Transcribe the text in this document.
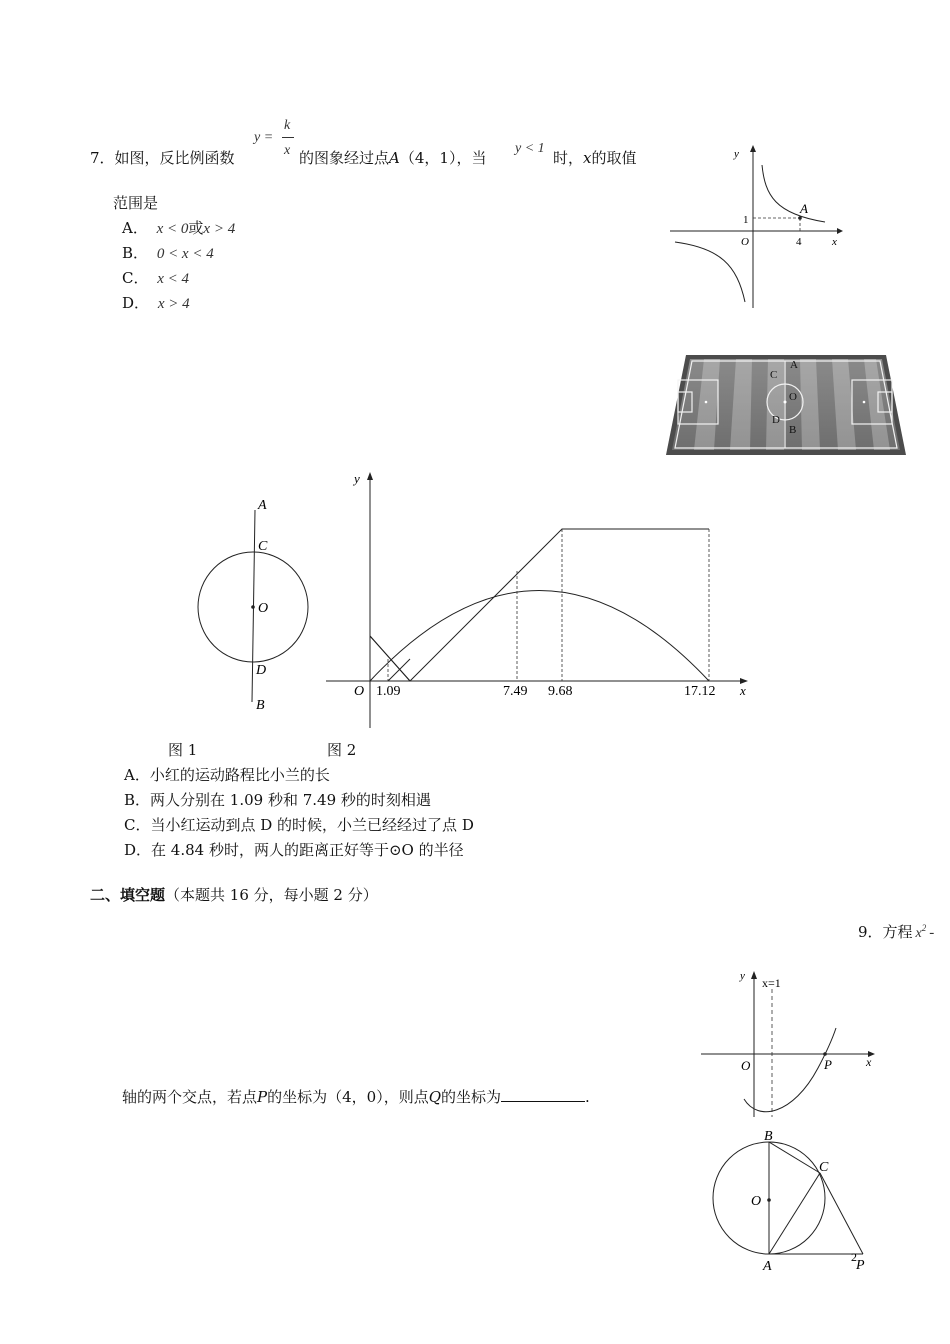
7．如图，反比例函数
y =
k
x 的图象经过点A（4，1），当
y < 1
时，x的取值
范围是
A． x < 0或x > 4
B． 0 < x < 4
C． x < 4
D． x > 4
y
x
O
1
4
A
A
C
O
D
B
A
C
O
D
B
y
x
O 1.09	7.49 9.68	17.12
图 1	图 2
A．小红的运动路程比小兰的长
B．两人分别在 1.09 秒和 7.49 秒的时刻相遇
C．当小红运动到点 D 的时候，小兰已经经过了点 D
D．在 4.84 秒时，两人的距离正好等于⊙O 的半径
二、填空题（本题共 16 分，每小题 2 分）
9．方程 $x^2$ -
y x=1
x
O	P
轴的两个交点，若点P的坐标为（4，0），则点Q的坐标为	.
B
C
O
A
2
P
